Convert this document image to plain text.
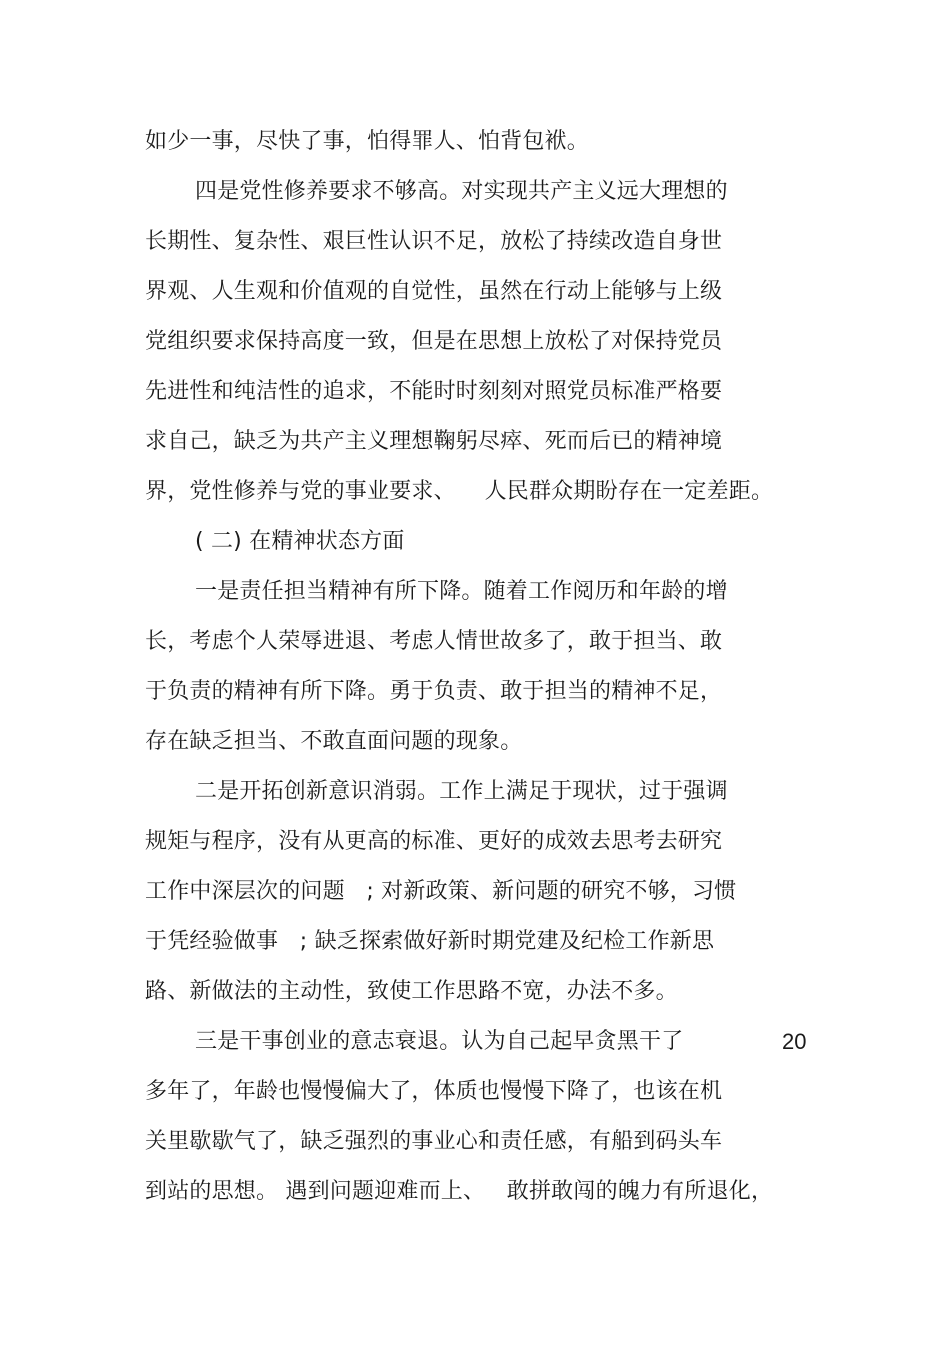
如少一事，尽快了事，怕得罪人、怕背包袱。
四是党性修养要求不够高。对实现共产主义远大理想的
长期性、复杂性、艰巨性认识不足，放松了持续改造自身世
界观、人生观和价值观的自觉性，虽然在行动上能够与上级
党组织要求保持高度一致，但是在思想上放松了对保持党员
先进性和纯洁性的追求，不能时时刻刻对照党员标准严格要
求自己，缺乏为共产主义理想鞠躬尽瘁、死而后已的精神境
界，党性修养与党的事业要求、    人民群众期盼存在一定差距。
( 二) 在精神状态方面
一是责任担当精神有所下降。随着工作阅历和年龄的增
长，考虑个人荣辱进退、考虑人情世故多了，敢于担当、敢
于负责的精神有所下降。勇于负责、敢于担当的精神不足，
存在缺乏担当、不敢直面问题的现象。
二是开拓创新意识消弱。工作上满足于现状，过于强调
规矩与程序，没有从更高的标准、更好的成效去思考去研究
工作中深层次的问题   ; 对新政策、新问题的研究不够，习惯
于凭经验做事   ; 缺乏探索做好新时期党建及纪检工作新思
路、新做法的主动性，致使工作思路不宽，办法不多。
三是干事创业的意志衰退。认为自己起早贪黑干了	20
多年了，年龄也慢慢偏大了，体质也慢慢下降了，也该在机
关里歇歇气了，缺乏强烈的事业心和责任感，有船到码头车
到站的思想。 遇到问题迎难而上、   敢拼敢闯的魄力有所退化，
